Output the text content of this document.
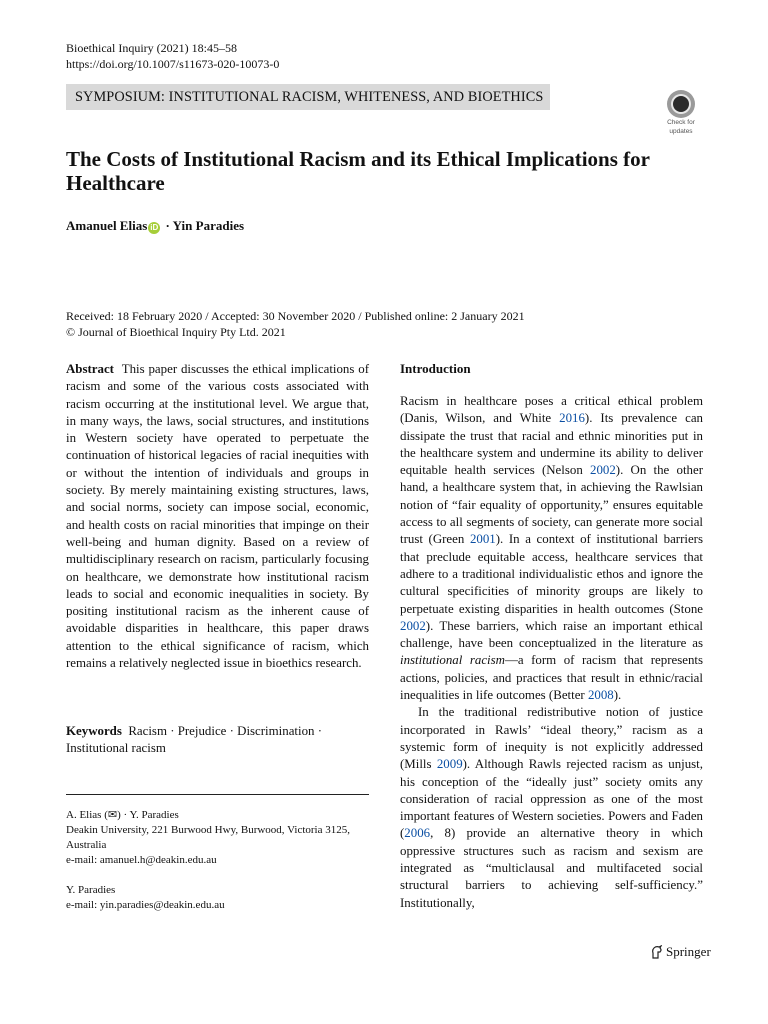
Bioethical Inquiry (2021) 18:45–58
https://doi.org/10.1007/s11673-020-10073-0
SYMPOSIUM: INSTITUTIONAL RACISM, WHITENESS, AND BIOETHICS
Check for
updates
The Costs of Institutional Racism and its Ethical Implications for Healthcare
Amanuel Elias iD · Yin Paradies
Received: 18 February 2020 / Accepted: 30 November 2020 / Published online: 2 January 2021
© Journal of Bioethical Inquiry Pty Ltd. 2021

Abstract This paper discusses the ethical implications of racism and some of the various costs associated with racism occurring at the institutional level. We argue that, in many ways, the laws, social structures, and institutions in Western society have operated to perpetuate the continuation of historical legacies of racial inequities with or without the intention of individuals and groups in society. By merely maintaining existing structures, laws, and social norms, society can impose social, economic, and health costs on racial minorities that impinge on their well-being and human dignity. Based on a review of multidisciplinary research on racism, particularly focusing on healthcare, we demonstrate how institutional racism leads to social and economic inequalities in society. By positing institutional racism as the inherent cause of avoidable disparities in healthcare, this paper draws attention to the ethical significance of racism, which remains a relatively neglected issue in bioethics research.

Keywords Racism · Prejudice · Discrimination · Institutional racism

A. Elias (✉) · Y. Paradies
Deakin University, 221 Burwood Hwy, Burwood, Victoria 3125, Australia
e-mail: amanuel.h@deakin.edu.au
Y. Paradies
e-mail: yin.paradies@deakin.edu.au
Introduction

Racism in healthcare poses a critical ethical problem (Danis, Wilson, and White 2016). Its prevalence can dissipate the trust that racial and ethnic minorities put in the healthcare system and undermine its ability to deliver equitable health services (Nelson 2002). On the other hand, a healthcare system that, in achieving the Rawlsian notion of “fair equality of opportunity,” ensures equitable access to all segments of society, can generate more social trust (Green 2001). In a context of institutional barriers that preclude equitable access, healthcare services that adhere to a traditional individualistic ethos and ignore the cultural specificities of minority groups are likely to perpetuate existing disparities in health outcomes (Stone 2002). These barriers, which raise an important ethical challenge, have been conceptualized in the literature as institutional racism—a form of racism that represents actions, policies, and practices that result in ethnic/racial inequalities in life outcomes (Better 2008).

In the traditional redistributive notion of justice incorporated in Rawls’ “ideal theory,” racism as a systemic form of inequity is not explicitly addressed (Mills 2009). Although Rawls rejected racism as unjust, his conception of the “ideally just” society omits any consideration of racial oppression as one of the most important features of Western societies. Powers and Faden (2006, 8) provide an alternative theory in which oppressive structures such as racism and sexism are integrated as “multiclausal and multifaceted social structural barriers to achieving self-sufficiency.” Institutionally,

Springer
